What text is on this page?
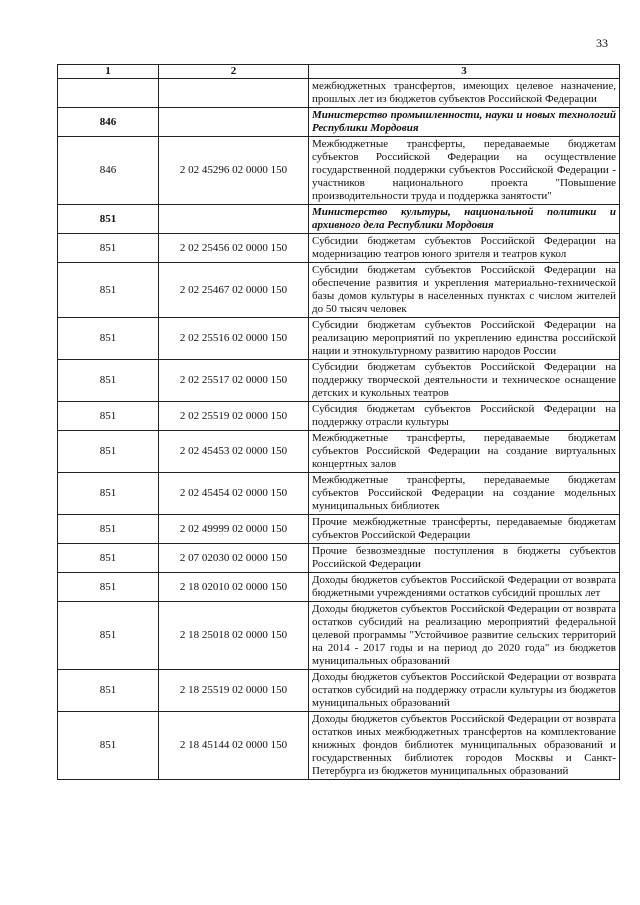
33
1	2	3
		межбюджетных трансфертов, имеющих целевое назначение, прошлых лет из бюджетов субъектов Российской Федерации
846		Министерство промышленности, науки и новых технологий Республики Мордовия
846	2 02 45296 02 0000 150	Межбюджетные трансферты, передаваемые бюджетам субъектов Российской Федерации на осуществление государственной поддержки субъектов Российской Федерации - участников национального проекта "Повышение производительности труда и поддержка занятости"
851		Министерство культуры, национальной политики и архивного дела Республики Мордовия
851	2 02 25456 02 0000 150	Субсидии бюджетам субъектов Российской Федерации на модернизацию театров юного зрителя и театров кукол
851	2 02 25467 02 0000 150	Субсидии бюджетам субъектов Российской Федерации на обеспечение развития и укрепления материально-технической базы домов культуры в населенных пунктах с числом жителей до 50 тысяч человек
851	2 02 25516 02 0000 150	Субсидии бюджетам субъектов Российской Федерации на реализацию мероприятий по укреплению единства российской нации и этнокультурному развитию народов России
851	2 02 25517 02 0000 150	Субсидии бюджетам субъектов Российской Федерации на поддержку творческой деятельности и техническое оснащение детских и кукольных театров
851	2 02 25519 02 0000 150	Субсидия бюджетам субъектов Российской Федерации на поддержку отрасли культуры
851	2 02 45453 02 0000 150	Межбюджетные трансферты, передаваемые бюджетам субъектов Российской Федерации на создание виртуальных концертных залов
851	2 02 45454 02 0000 150	Межбюджетные трансферты, передаваемые бюджетам субъектов Российской Федерации на создание модельных муниципальных библиотек
851	2 02 49999 02 0000 150	Прочие межбюджетные трансферты, передаваемые бюджетам субъектов Российской Федерации
851	2 07 02030 02 0000 150	Прочие безвозмездные поступления в бюджеты субъектов Российской Федерации
851	2 18 02010 02 0000 150	Доходы бюджетов субъектов Российской Федерации от возврата бюджетными учреждениями остатков субсидий прошлых лет
851	2 18 25018 02 0000 150	Доходы бюджетов субъектов Российской Федерации от возврата остатков субсидий на реализацию мероприятий федеральной целевой программы "Устойчивое развитие сельских территорий на 2014 - 2017 годы и на период до 2020 года" из бюджетов муниципальных образований
851	2 18 25519 02 0000 150	Доходы бюджетов субъектов Российской Федерации от возврата остатков субсидий на поддержку отрасли культуры из бюджетов муниципальных образований
851	2 18 45144 02 0000 150	Доходы бюджетов субъектов Российской Федерации от возврата остатков иных межбюджетных трансфертов на комплектование книжных фондов библиотек муниципальных образований и государственных библиотек городов Москвы и Санкт-Петербурга из бюджетов муниципальных образований
